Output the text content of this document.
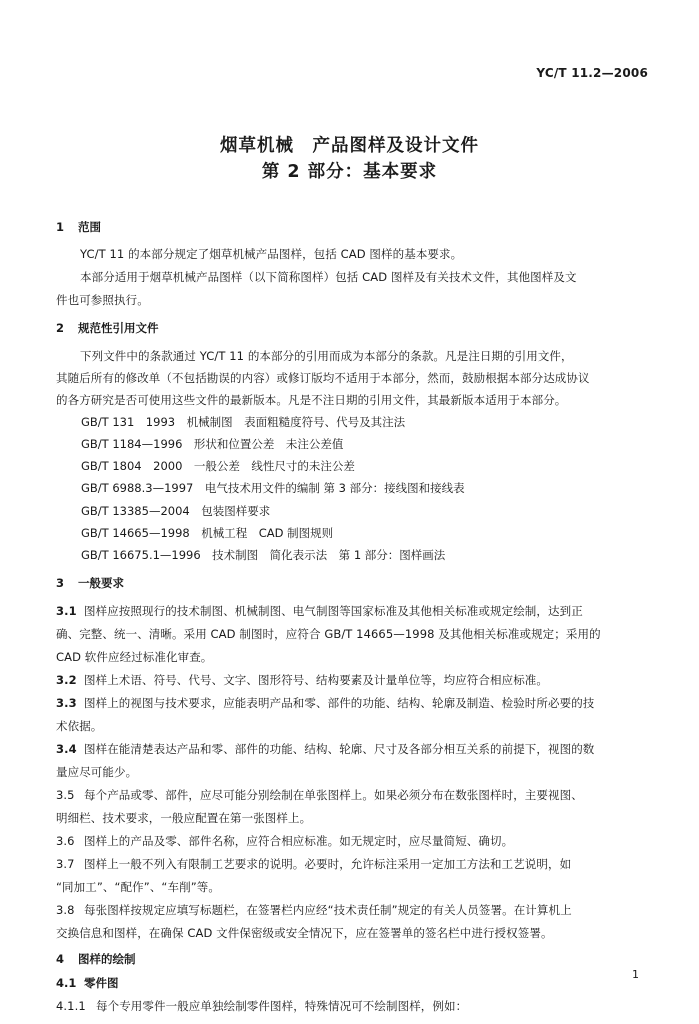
YC/T 11.2—2006
烟草机械　产品图样及设计文件
第 2 部分：基本要求
1 范围
YC/T 11 的本部分规定了烟草机械产品图样，包括 CAD 图样的基本要求。
本部分适用于烟草机械产品图样（以下简称图样）包括 CAD 图样及有关技术文件，其他图样及文
件也可参照执行。
2 规范性引用文件
下列文件中的条款通过 YC/T 11 的本部分的引用而成为本部分的条款。凡是注日期的引用文件，
其随后所有的修改单（不包括勘误的内容）或修订版均不适用于本部分，然而，鼓励根据本部分达成协议
的各方研究是否可使用这些文件的最新版本。凡是不注日期的引用文件，其最新版本适用于本部分。
GB/T 131　1993　机械制图　表面粗糙度符号、代号及其注法
GB/T 1184—1996　形状和位置公差　未注公差值
GB/T 1804　2000　一般公差　线性尺寸的未注公差
GB/T 6988.3—1997　电气技术用文件的编制 第 3 部分：接线图和接线表
GB/T 13385—2004　包装图样要求
GB/T 14665—1998　机械工程　CAD 制图规则
GB/T 16675.1—1996　技术制图　简化表示法　第 1 部分：图样画法
3 一般要求
3.1 图样应按照现行的技术制图、机械制图、电气制图等国家标准及其他相关标准或规定绘制，达到正
确、完整、统一、清晰。采用 CAD 制图时，应符合 GB/T 14665—1998 及其他相关标准或规定；采用的
CAD 软件应经过标准化审查。
3.2 图样上术语、符号、代号、文字、图形符号、结构要素及计量单位等，均应符合相应标准。
3.3 图样上的视图与技术要求，应能表明产品和零、部件的功能、结构、轮廓及制造、检验时所必要的技
术依据。
3.4 图样在能清楚表达产品和零、部件的功能、结构、轮廓、尺寸及各部分相互关系的前提下，视图的数
量应尽可能少。
3.5 每个产品或零、部件，应尽可能分别绘制在单张图样上。如果必须分布在数张图样时，主要视图、
明细栏、技术要求，一般应配置在第一张图样上。
3.6 图样上的产品及零、部件名称，应符合相应标准。如无规定时，应尽量简短、确切。
3.7 图样上一般不列入有限制工艺要求的说明。必要时，允许标注采用一定加工方法和工艺说明，如
“同加工”、“配作”、“车削”等。
3.8 每张图样按规定应填写标题栏，在签署栏内应经“技术责任制”规定的有关人员签署。在计算机上
交换信息和图样，在确保 CAD 文件保密级或安全情况下，应在签署单的签名栏中进行授权签署。
4 图样的绘制
4.1 零件图
4.1.1 每个专用零件一般应单独绘制零件图样，特殊情况可不绘制图样，例如：
1
